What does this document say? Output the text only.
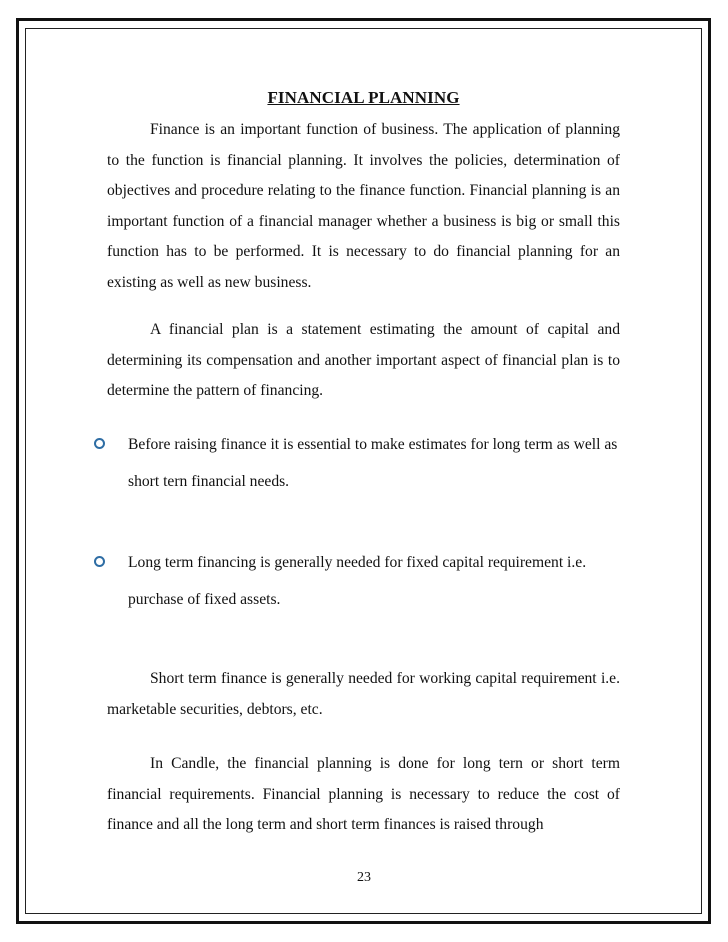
FINANCIAL PLANNING

Finance is an important function of business. The application of planning to the function is financial planning. It involves the policies, determination of objectives and procedure relating to the finance function. Financial planning is an important function of a financial manager whether a business is big or small this function has to be performed. It is necessary to do financial planning for an existing as well as new business.

A financial plan is a statement estimating the amount of capital and determining its compensation and another important aspect of financial plan is to determine the pattern of financing.

Before raising finance it is essential to make estimates for long term as well as short tern financial needs.
Long term financing is generally needed for fixed capital requirement i.e. purchase of fixed assets.

Short term finance is generally needed for working capital requirement i.e. marketable securities, debtors, etc.

In Candle, the financial planning is done for long tern or short term financial requirements. Financial planning is necessary to reduce the cost of finance and all the long term and short term finances is raised through

23
